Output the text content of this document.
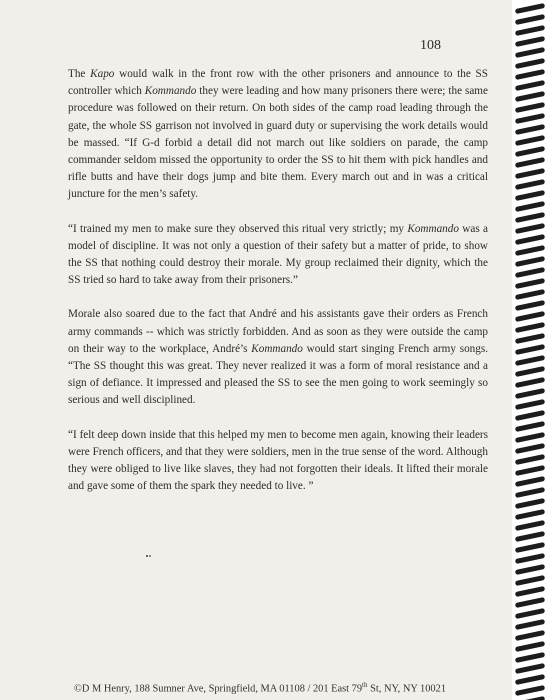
108

The Kapo would walk in the front row with the other prisoners and announce to the SS controller which Kommando they were leading and how many prisoners there were; the same procedure was followed on their return. On both sides of the camp road leading through the gate, the whole SS garrison not involved in guard duty or supervising the work details would be massed. “If G-d forbid a detail did not march out like soldiers on parade, the camp commander seldom missed the opportunity to order the SS to hit them with pick handles and rifle butts and have their dogs jump and bite them. Every march out and in was a critical juncture for the men’s safety.

“I trained my men to make sure they observed this ritual very strictly; my Kommando was a model of discipline. It was not only a question of their safety but a matter of pride, to show the SS that nothing could destroy their morale. My group reclaimed their dignity, which the SS tried so hard to take away from their prisoners.”

Morale also soared due to the fact that André and his assistants gave their orders as French army commands -- which was strictly forbidden. And as soon as they were outside the camp on their way to the workplace, André’s Kommando would start singing French army songs. “The SS thought this was great. They never realized it was a form of moral resistance and a sign of defiance. It impressed and pleased the SS to see the men going to work seemingly so serious and well disciplined.

“I felt deep down inside that this helped my men to become men again, knowing their leaders were French officers, and that they were soldiers, men in the true sense of the word. Although they were obliged to live like slaves, they had not forgotten their ideals. It lifted their morale and gave some of them the spark they needed to live. ”

©D M Henry, 188 Sumner Ave, Springfield, MA 01108 / 201 East 79th St, NY, NY 10021
